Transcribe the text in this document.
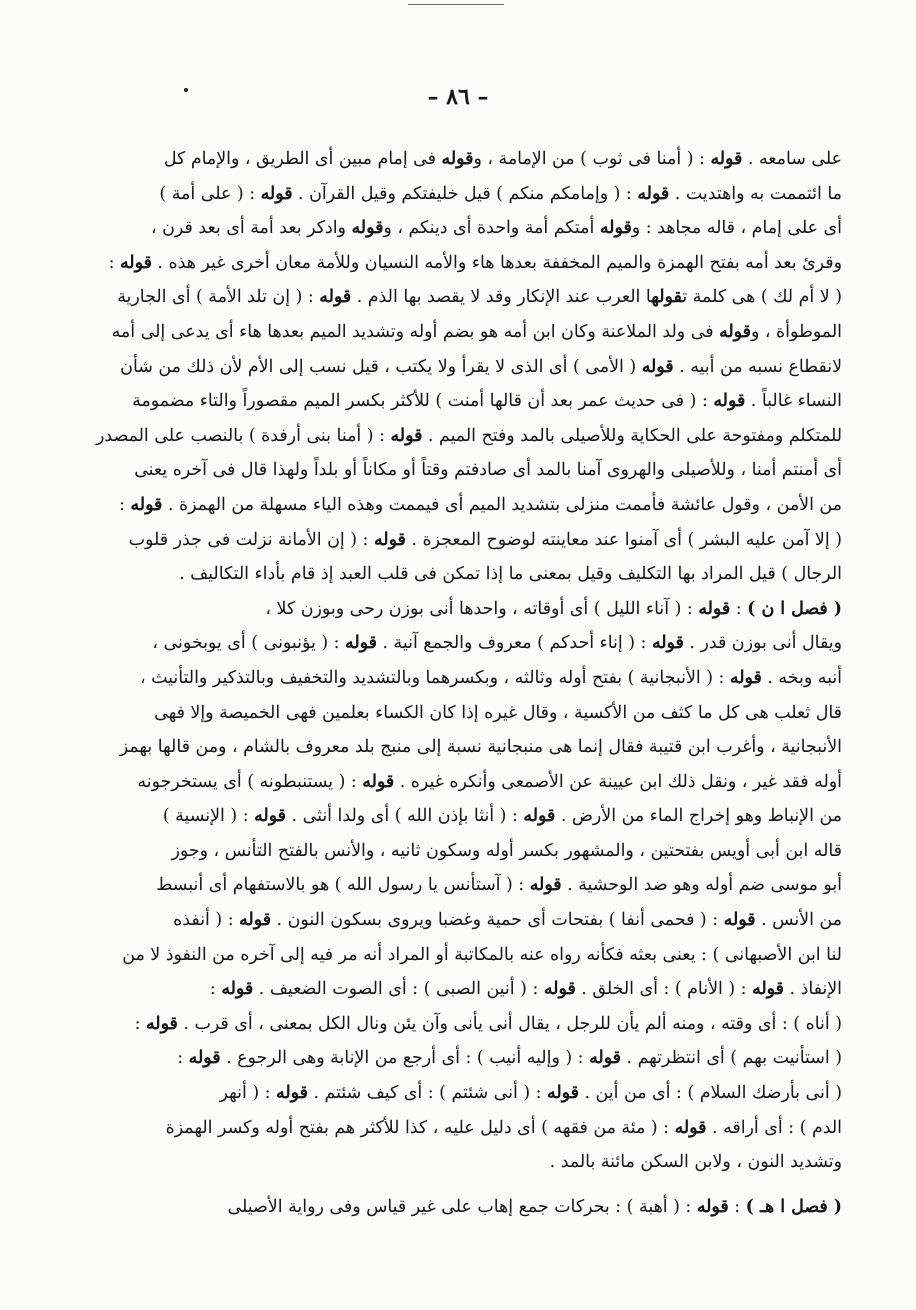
– ٨٦ –
على سامعه . قوله : ( أمنا فى ثوب ) من الإمامة ، وقوله فى إمام مبين أى الطريق ، والإمام كل
ما ائتممت به واهتديت . قوله : ( وإمامكم منكم ) قيل خليفتكم وقيل القرآن . قوله : ( على أمة )
أى على إمام ، قاله مجاهد : وقوله أمتكم أمة واحدة أى دينكم ، وقوله وادكر بعد أمة أى بعد قرن ،
وقرئ بعد أمه بفتح الهمزة والميم المخففة بعدها هاء والأمه النسيان وللأمة معان أخرى غير هذه . قوله :
( لا أم لك ) هى كلمة تقولها العرب عند الإنكار وقد لا يقصد بها الذم . قوله : ( إن تلد الأمة ) أى الجارية
الموطوأة ، وقوله فى ولد الملاعنة وكان ابن أمه هو بضم أوله وتشديد الميم بعدها هاء أى يدعى إلى أمه
لانقطاع نسبه من أبيه . قوله ( الأمى ) أى الذى لا يقرأ ولا يكتب ، قيل نسب إلى الأم لأن ذلك من شأن
النساء غالباً . قوله : ( فى حديث عمر بعد أن قالها أمنت ) للأكثر بكسر الميم مقصوراً والتاء مضمومة
للمتكلم ومفتوحة على الحكاية وللأصيلى بالمد وفتح الميم . قوله : ( أمنا بنى أرفدة ) بالنصب على المصدر
أى أمنتم أمنا ، وللأصيلى والهروى آمنا بالمد أى صادفتم وقتاً أو مكاناً أو بلداً ولهذا قال فى آخره يعنى
من الأمن ، وقول عائشة فأممت منزلى بتشديد الميم أى فيممت وهذه الياء مسهلة من الهمزة . قوله :
( إلا آمن عليه البشر ) أى آمنوا عند معاينته لوضوح المعجزة . قوله : ( إن الأمانة نزلت فى جذر قلوب
الرجال ) قيل المراد بها التكليف وقيل بمعنى ما إذا تمكن فى قلب العبد إذ قام بأداء التكاليف .
( فصل ا ن ) : قوله : ( آناء الليل ) أى أوقاته ، واحدها أنى بوزن رحى وبوزن كلا ،
ويقال أنى بوزن قدر . قوله : ( إناء أحدكم ) معروف والجمع آنية . قوله : ( يؤنبونى ) أى يوبخونى ،
أنبه وبخه . قوله : ( الأنبجانية ) بفتح أوله وثالثه ، وبكسرهما وبالتشديد والتخفيف وبالتذكير والتأنيث ،
قال ثعلب هى كل ما كثف من الأكسية ، وقال غيره إذا كان الكساء بعلمين فهى الخميصة وإلا فهى
الأنبجانية ، وأغرب ابن قتيبة فقال إنما هى منبجانية نسبة إلى منبج بلد معروف بالشام ، ومن قالها بهمز
أوله فقد غير ، ونقل ذلك ابن عيينة عن الأصمعى وأنكره غيره . قوله : ( يستنبطونه ) أى يستخرجونه
من الإنباط وهو إخراج الماء من الأرض . قوله : ( أنثا بإذن الله ) أى ولدا أنثى . قوله : ( الإنسية )
قاله ابن أبى أويس بفتحتين ، والمشهور بكسر أوله وسكون ثانيه ، والأنس بالفتح التأنس ، وجوز
أبو موسى ضم أوله وهو ضد الوحشية . قوله : ( آستأنس يا رسول الله ) هو بالاستفهام أى أنبسط
من الأنس . قوله : ( فحمى أنفا ) بفتحات أى حمية وغضبا ويروى بسكون النون . قوله : ( أنفذه
لنا ابن الأصبهانى ) : يعنى بعثه فكأنه رواه عنه بالمكاتبة أو المراد أنه مر فيه إلى آخره من النفوذ لا من
الإنفاذ . قوله : ( الأنام ) : أى الخلق . قوله : ( أنين الصبى ) : أى الصوت الضعيف . قوله :
( أناه ) : أى وقته ، ومنه ألم يأن للرجل ، يقال أنى يأنى وآن يئن ونال الكل بمعنى ، أى قرب . قوله :
( استأنيت بهم ) أى انتظرتهم . قوله : ( وإليه أنيب ) : أى أرجع من الإنابة وهى الرجوع . قوله :
( أنى بأرضك السلام ) : أى من أين . قوله : ( أنى شئتم ) : أى كيف شئتم . قوله : ( أنهر
الدم ) : أى أراقه . قوله : ( مئة من فقهه ) أى دليل عليه ، كذا للأكثر هم بفتح أوله وكسر الهمزة
وتشديد النون ، ولابن السكن مائنة بالمد .
( فصل ا هـ ) : قوله : ( أهبة ) : بحركات جمع إهاب على غير قياس وفى رواية الأصيلى
